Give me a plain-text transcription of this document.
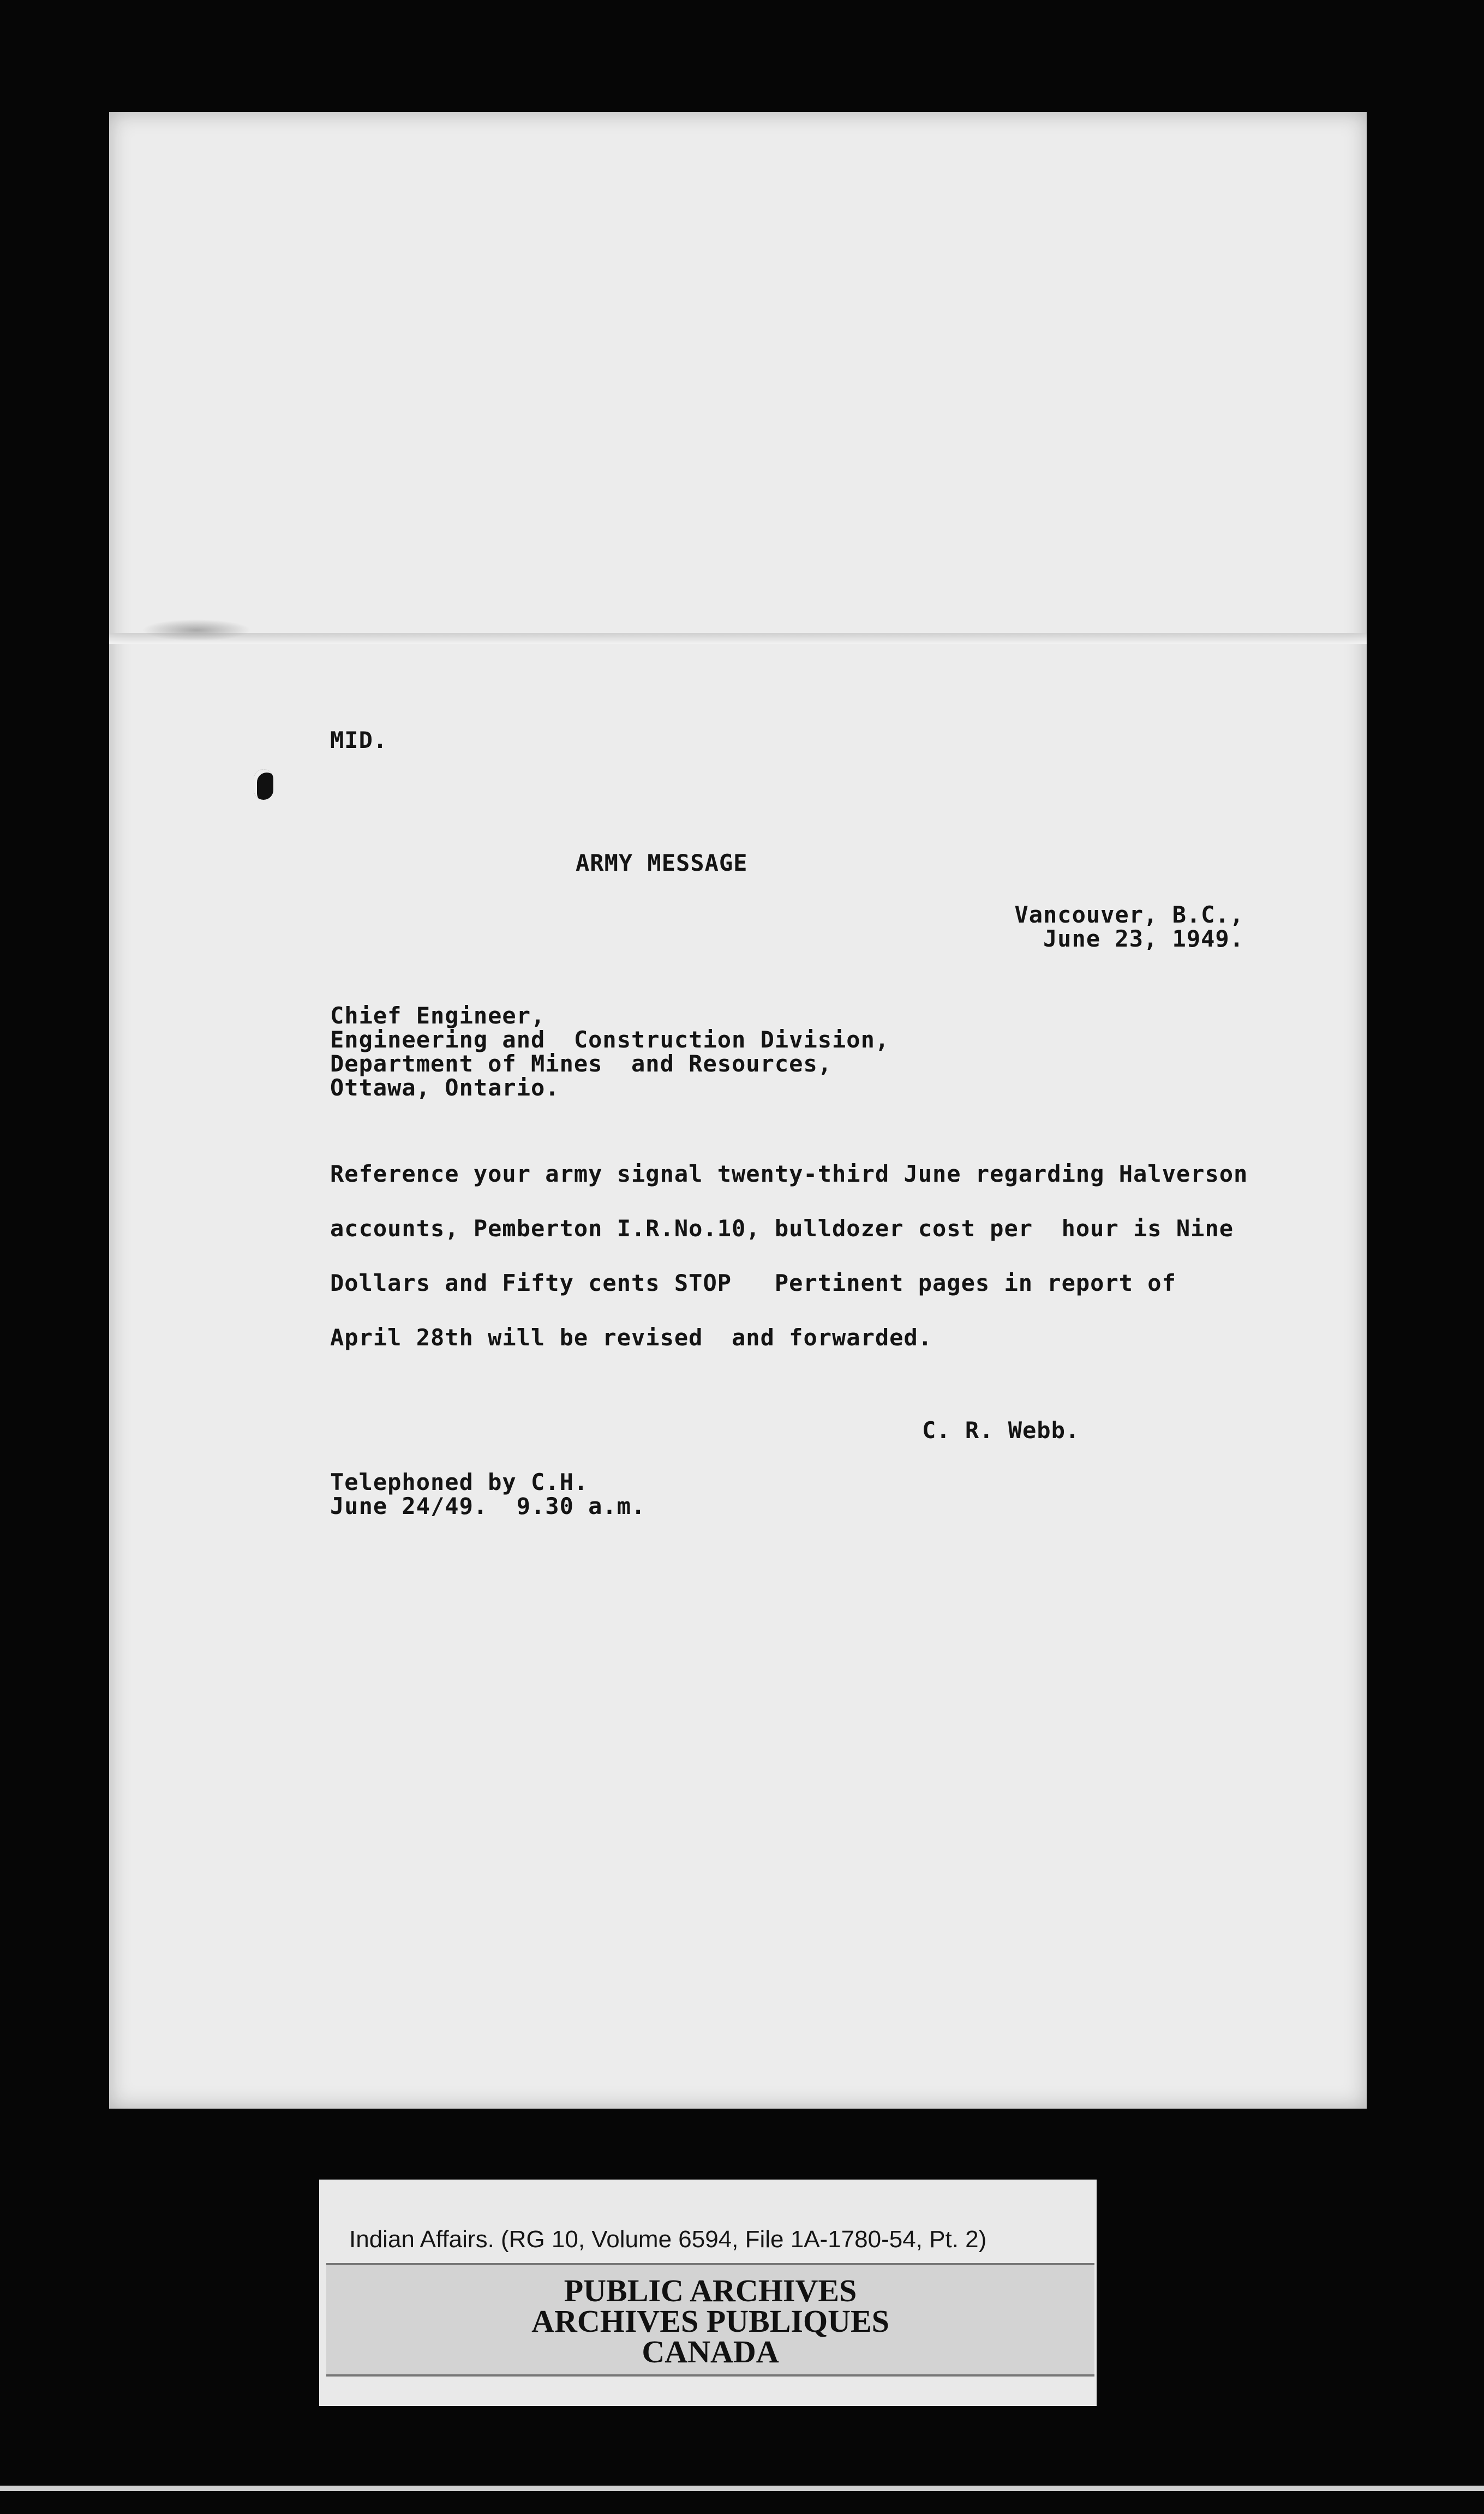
MID.
ARMY MESSAGE
Vancouver, B.C.,
June 23, 1949.
Chief Engineer,
Engineering and  Construction Division,
Department of Mines  and Resources,
Ottawa, Ontario.
Reference your army signal twenty-third June regarding Halverson
accounts, Pemberton I.R.No.10, bulldozer cost per  hour is Nine
Dollars and Fifty cents STOP   Pertinent pages in report of
April 28th will be revised  and forwarded.
C. R. Webb.
Telephoned by C.H.
June 24/49.  9.30 a.m.
Indian Affairs. (RG 10, Volume 6594, File 1A-1780-54, Pt. 2)
PUBLIC ARCHIVES
ARCHIVES PUBLIQUES
CANADA
